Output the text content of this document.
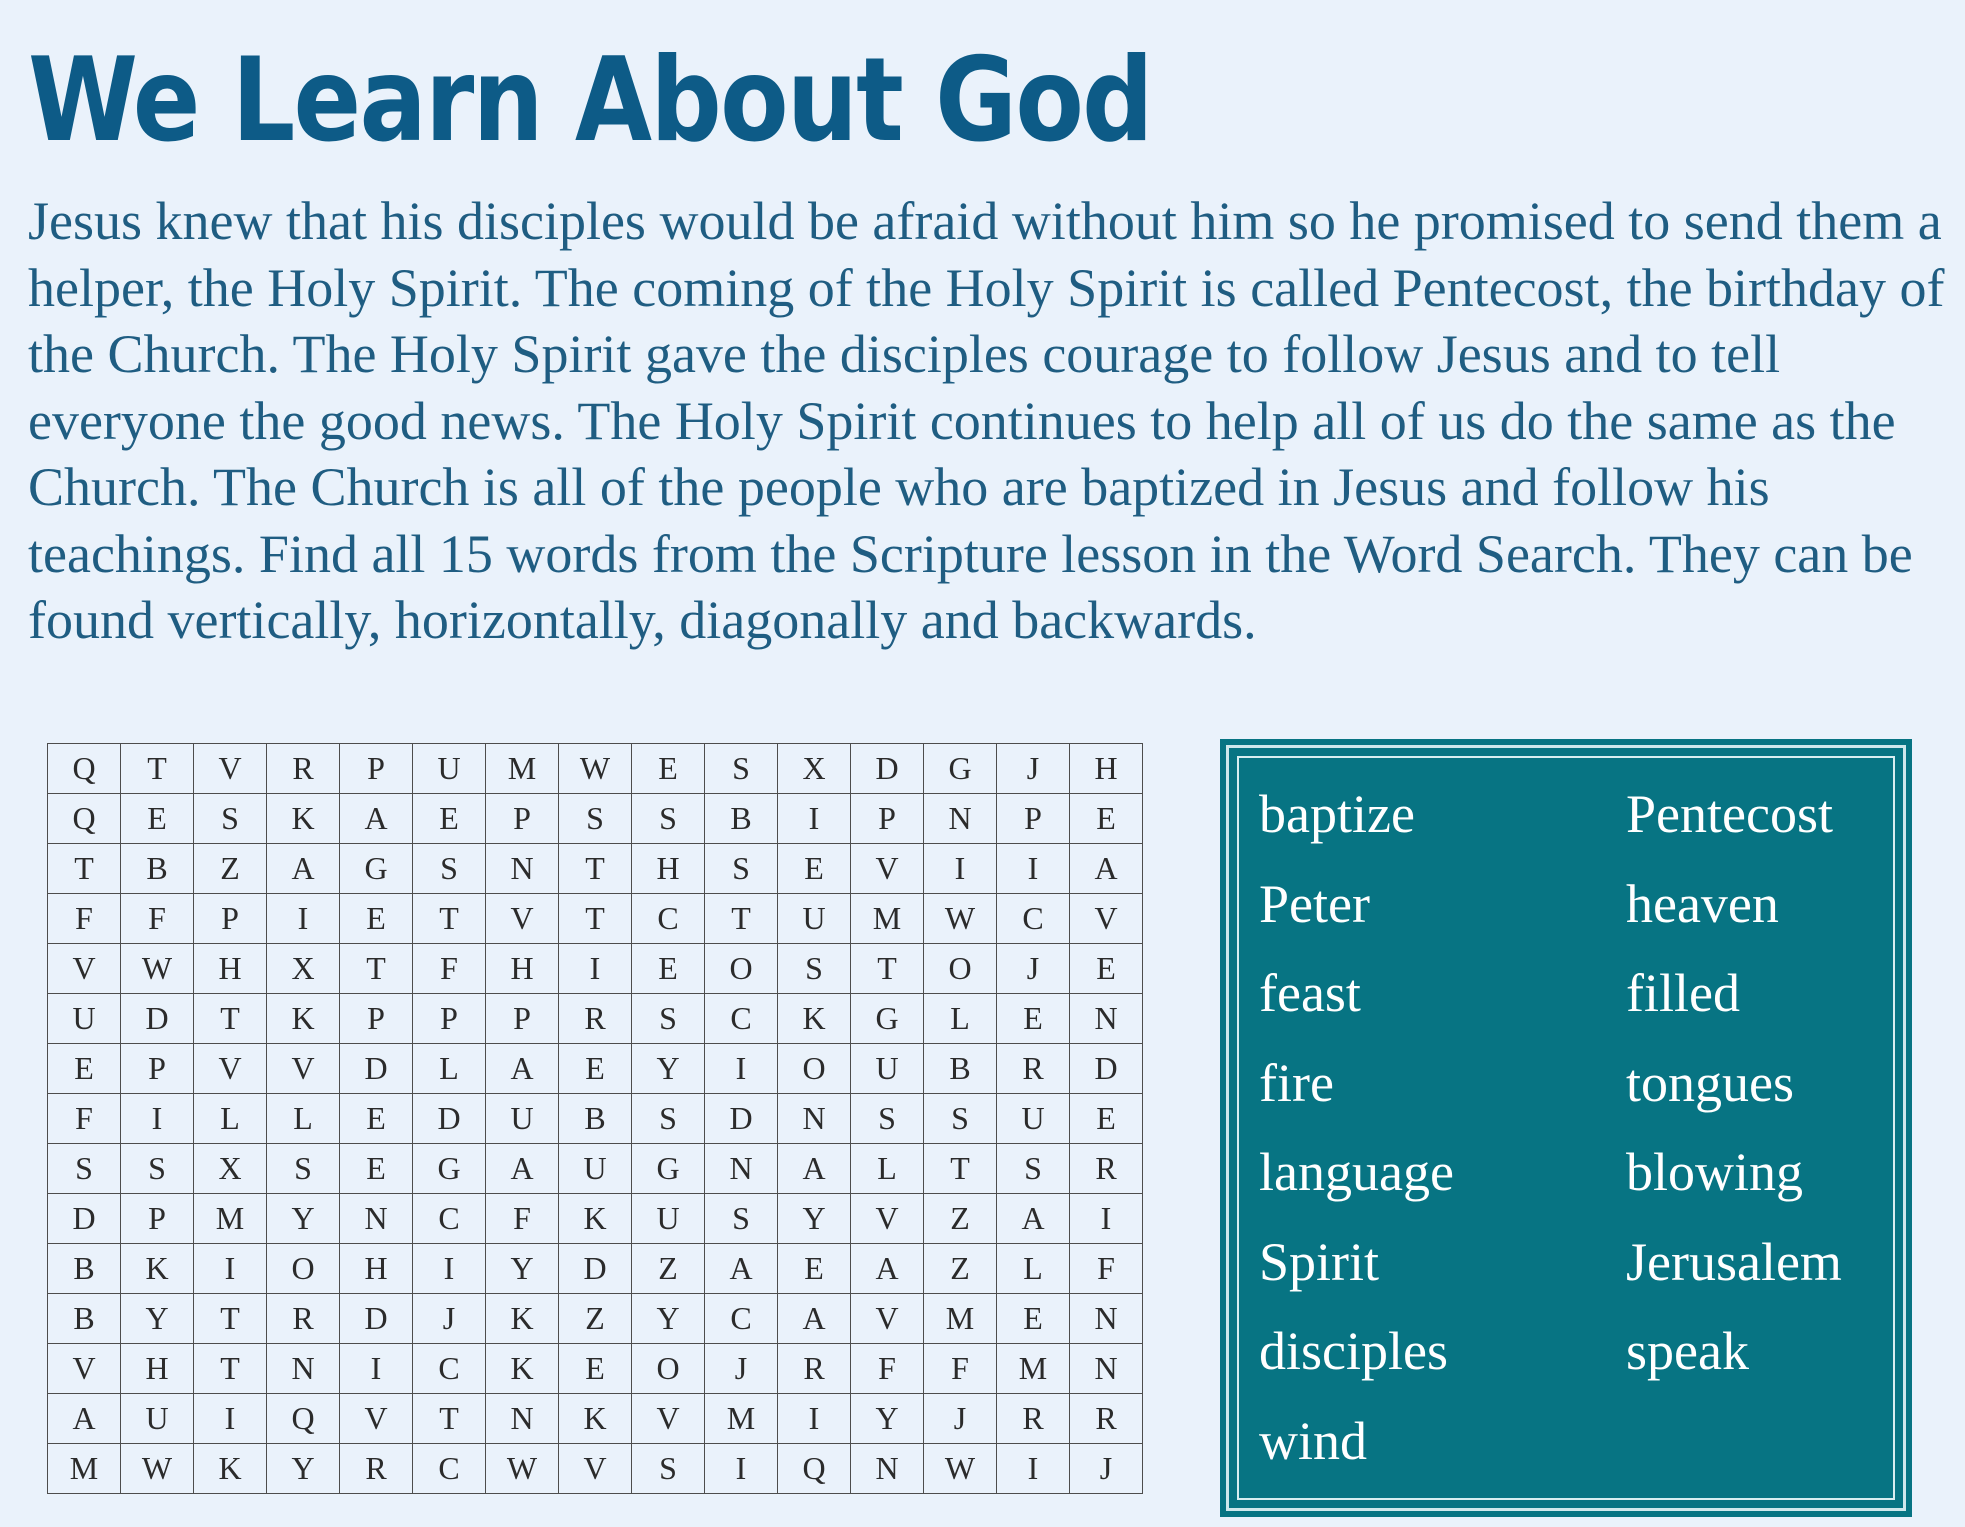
We Learn About God

Jesus knew that his disciples would be afraid without him so he promised to send them a helper, the Holy Spirit. The coming of the Holy Spirit is called Pentecost, the birthday of the Church. The Holy Spirit gave the disciples courage to follow Jesus and to tell everyone the good news. The Holy Spirit continues to help all of us do the same as the Church. The Church is all of the people who are baptized in Jesus and follow his teachings. Find all 15 words from the Scripture lesson in the Word Search. They can be found vertically, horizontally, diagonally and backwards.

Q	T	V	R	P	U	M	W	E	S	X	D	G	J	H
Q	E	S	K	A	E	P	S	S	B	I	P	N	P	E
T	B	Z	A	G	S	N	T	H	S	E	V	I	I	A
F	F	P	I	E	T	V	T	C	T	U	M	W	C	V
V	W	H	X	T	F	H	I	E	O	S	T	O	J	E
U	D	T	K	P	P	P	R	S	C	K	G	L	E	N
E	P	V	V	D	L	A	E	Y	I	O	U	B	R	D
F	I	L	L	E	D	U	B	S	D	N	S	S	U	E
S	S	X	S	E	G	A	U	G	N	A	L	T	S	R
D	P	M	Y	N	C	F	K	U	S	Y	V	Z	A	I
B	K	I	O	H	I	Y	D	Z	A	E	A	Z	L	F
B	Y	T	R	D	J	K	Z	Y	C	A	V	M	E	N
V	H	T	N	I	C	K	E	O	J	R	F	F	M	N
A	U	I	Q	V	T	N	K	V	M	I	Y	J	R	R
M	W	K	Y	R	C	W	V	S	I	Q	N	W	I	J
baptize
Peter
feast
fire
language
Spirit
disciples
wind
Pentecost
heaven
filled
tongues
blowing
Jerusalem
speak
